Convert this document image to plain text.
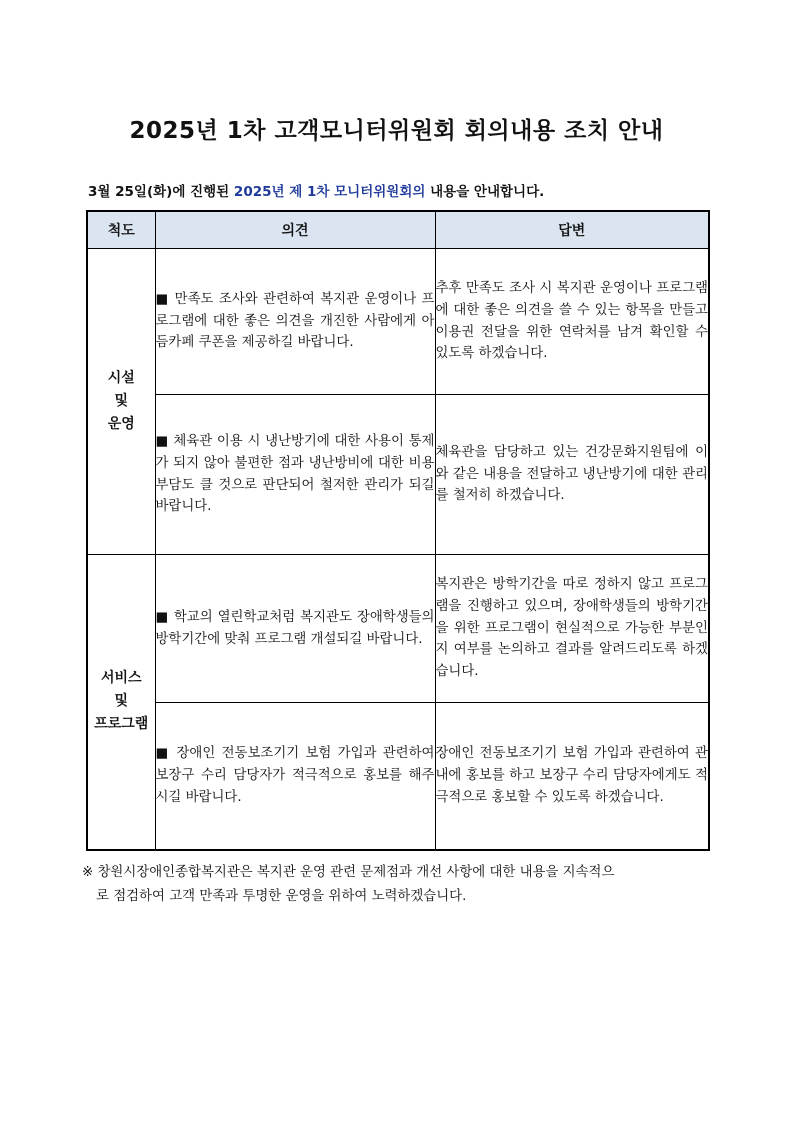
2025년 1차 고객모니터위원회 회의내용 조치 안내
3월 25일(화)에 진행된 2025년 제 1차 모니터위원회의 내용을 안내합니다.
척도	의견	답변

시설
및
운영	■ 만족도 조사와 관련하여 복지관 운영이나 프로그램에 대한 좋은 의견을 개진한 사람에게 아듬카페 쿠폰을 제공하길 바랍니다.	추후 만족도 조사 시 복지관 운영이나 프로그램에 대한 좋은 의견을 쓸 수 있는 항목을 만들고 이용권 전달을 위한 연락처를 남겨 확인할 수 있도록 하겠습니다.
	■ 체육관 이용 시 냉난방기에 대한 사용이 통제가 되지 않아 불편한 점과 냉난방비에 대한 비용부담도 클 것으로 판단되어 철저한 관리가 되길 바랍니다.	체육관을 담당하고 있는 건강문화지원팀에 이와 같은 내용을 전달하고 냉난방기에 대한 관리를 철저히 하겠습니다.

서비스
및
프로그램	■ 학교의 열린학교처럼 복지관도 장애학생들의 방학기간에 맞춰 프로그램 개설되길 바랍니다.	복지관은 방학기간을 따로 정하지 않고 프로그램을 진행하고 있으며, 장애학생들의 방학기간을 위한 프로그램이 현실적으로 가능한 부분인지 여부를 논의하고 결과를 알려드리도록 하겠습니다.
	■ 장애인 전동보조기기 보험 가입과 관련하여 보장구 수리 담당자가 적극적으로 홍보를 해주시길 바랍니다.	장애인 전동보조기기 보험 가입과 관련하여 관내에 홍보를 하고 보장구 수리 담당자에게도 적극적으로 홍보할 수 있도록 하겠습니다.
※ 창원시장애인종합복지관은 복지관 운영 관련 문제점과 개선 사항에 대한 내용을 지속적으
로 점검하여 고객 만족과 투명한 운영을 위하여 노력하겠습니다.
